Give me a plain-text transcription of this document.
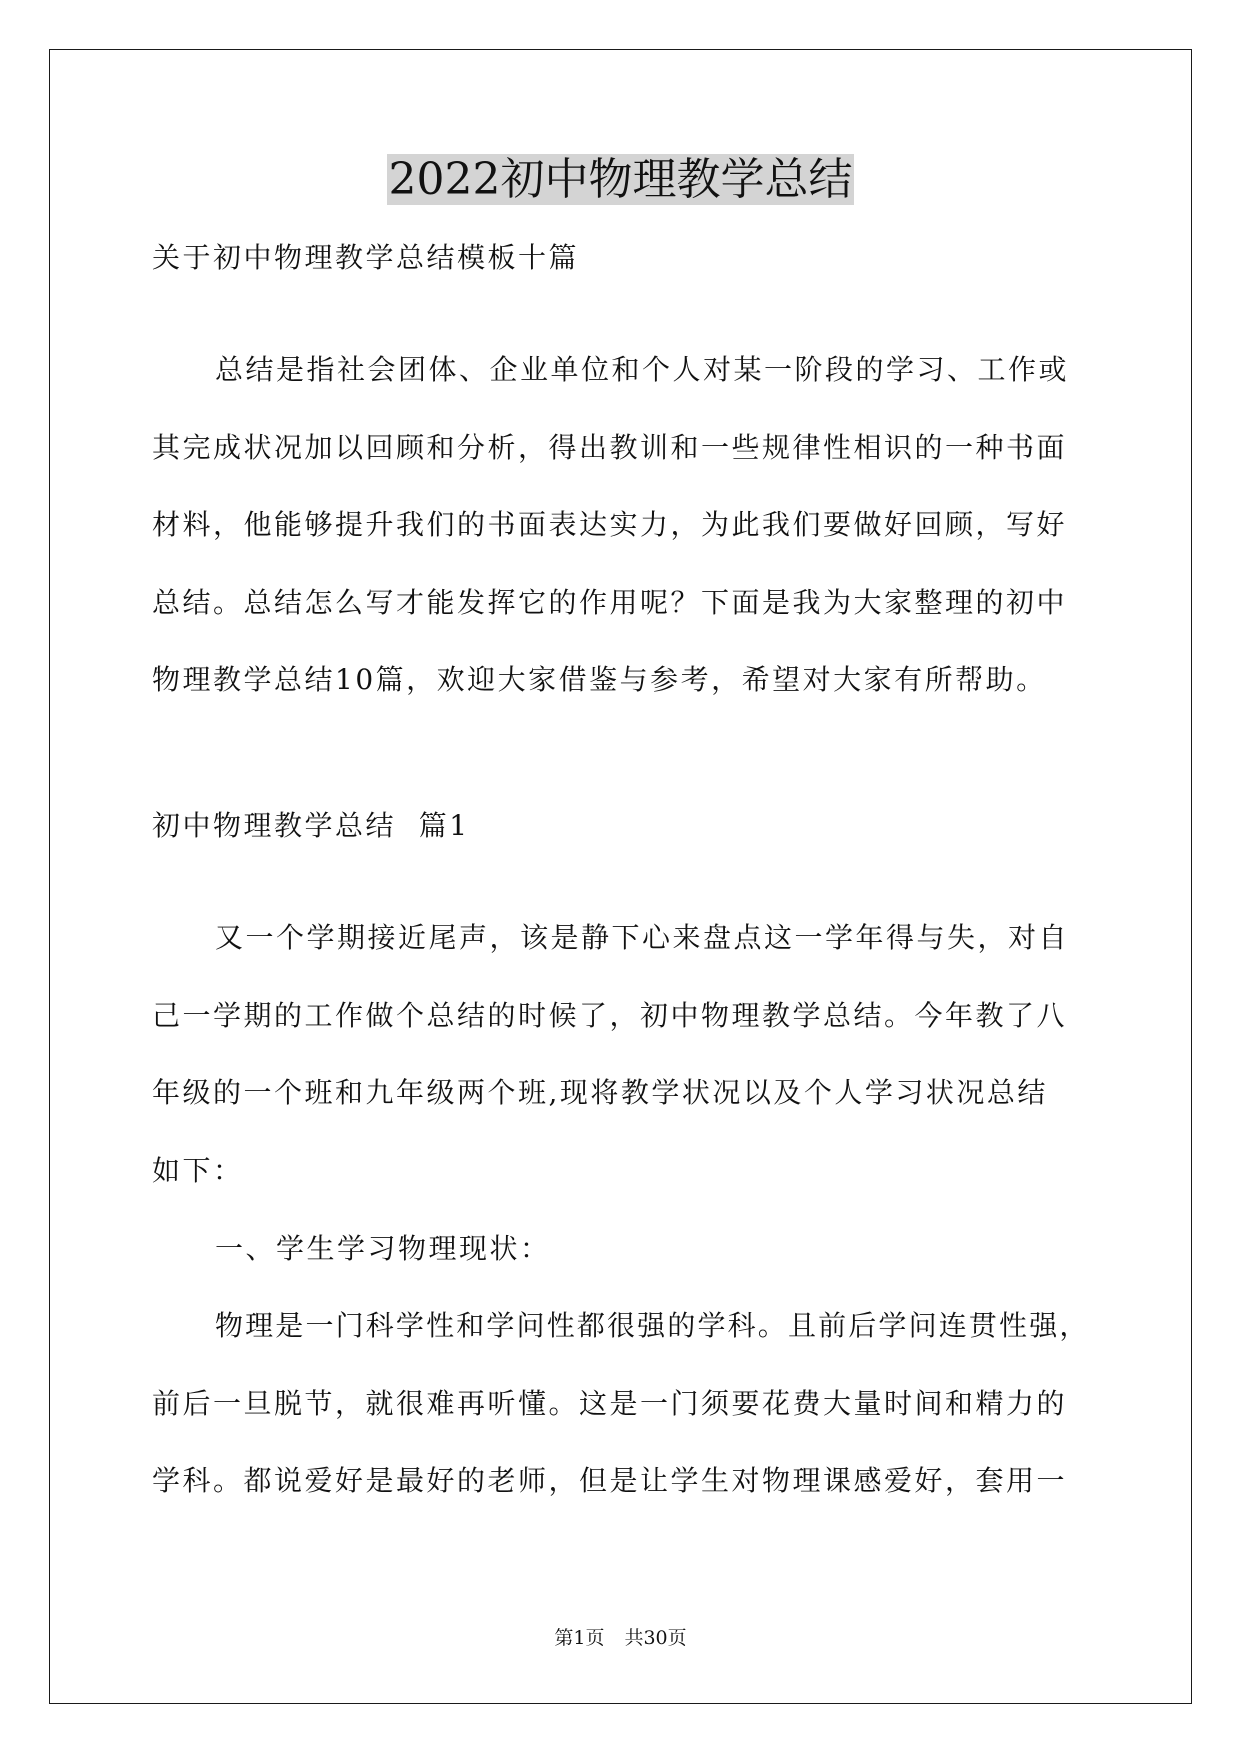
2022初中物理教学总结
关于初中物理教学总结模板十篇
总结是指社会团体、企业单位和个人对某一阶段的学习、工作或
其完成状况加以回顾和分析，得出教训和一些规律性相识的一种书面
材料，他能够提升我们的书面表达实力，为此我们要做好回顾，写好
总结。总结怎么写才能发挥它的作用呢？下面是我为大家整理的初中
物理教学总结10篇，欢迎大家借鉴与参考，希望对大家有所帮助。
初中物理教学总结  篇1
又一个学期接近尾声，该是静下心来盘点这一学年得与失，对自
己一学期的工作做个总结的时候了，初中物理教学总结。今年教了八
年级的一个班和九年级两个班,现将教学状况以及个人学习状况总结
如下：
一、学生学习物理现状：
物理是一门科学性和学问性都很强的学科。且前后学问连贯性强，
前后一旦脱节，就很难再听懂。这是一门须要花费大量时间和精力的
学科。都说爱好是最好的老师，但是让学生对物理课感爱好，套用一
第1页 共30页
